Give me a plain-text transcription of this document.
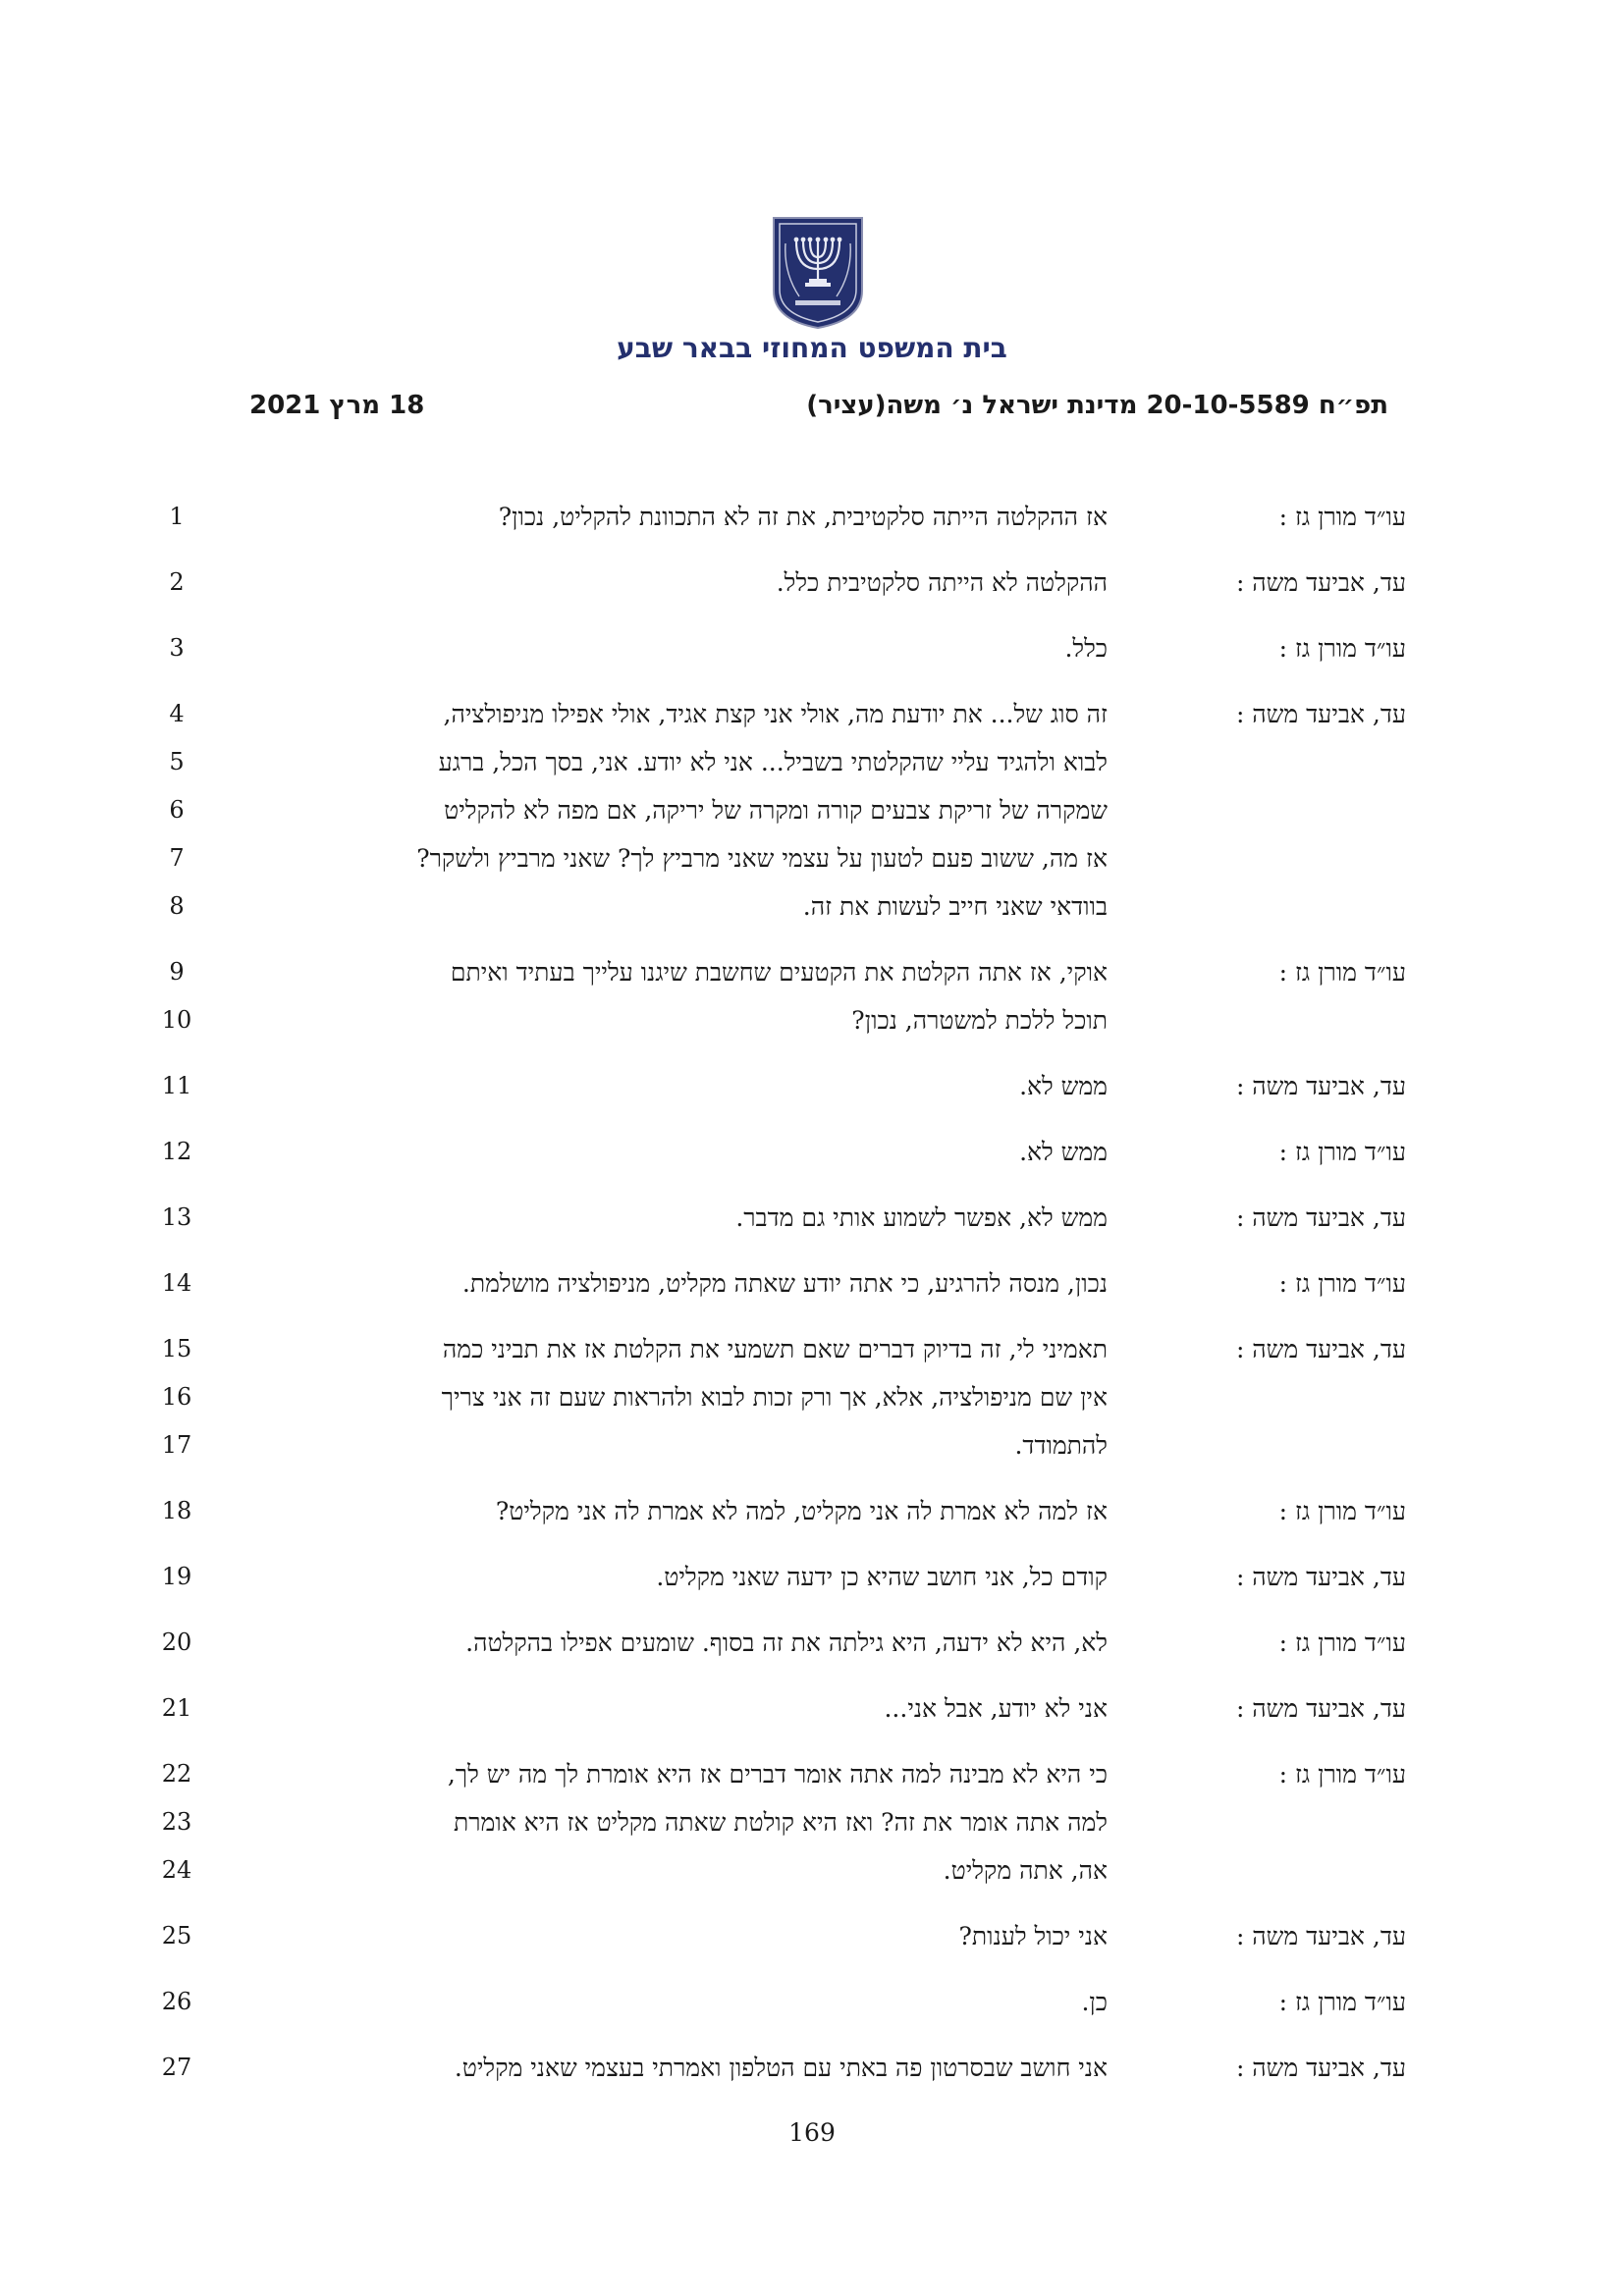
בית המשפט המחוזי בבאר שבע
תפ״ח 20-10-5589 מדינת ישראל נ׳ משה(עציר)
18 מרץ 2021
עו״ד מורן גז :
אז ההקלטה הייתה סלקטיבית, את זה לא התכוונת להקליט, נכון?
1
עד, אביעד משה :
ההקלטה לא הייתה סלקטיבית כלל.
2
עו״ד מורן גז :
כלל.
3
עד, אביעד משה :
זה סוג של... את יודעת מה, אולי אני קצת אגיד, אולי אפילו מניפולציה,
לבוא ולהגיד עליי שהקלטתי בשביל... אני לא יודע. אני, בסך הכל, ברגע
שמקרה של זריקת צבעים קורה ומקרה של יריקה, אם מפה לא להקליט
אז מה, ששוב פעם לטעון על עצמי שאני מרביץ לך? שאני מרביץ ולשקר?
בוודאי שאני חייב לעשות את זה.
4
5
6
7
8
עו״ד מורן גז :
אוקי, אז אתה הקלטת את הקטעים שחשבת שיגנו עלייך בעתיד ואיתם
תוכל ללכת למשטרה, נכון?
9
10
עד, אביעד משה :
ממש לא.
11
עו״ד מורן גז :
ממש לא.
12
עד, אביעד משה :
ממש לא, אפשר לשמוע אותי גם מדבר.
13
עו״ד מורן גז :
נכון, מנסה להרגיע, כי אתה יודע שאתה מקליט, מניפולציה מושלמת.
14
עד, אביעד משה :
תאמיני לי, זה בדיוק דברים שאם תשמעי את הקלטת אז את תביני כמה
אין שם מניפולציה, אלא, אך ורק זכות לבוא ולהראות שעם זה אני צריך
להתמודד.
15
16
17
עו״ד מורן גז :
אז למה לא אמרת לה אני מקליט, למה לא אמרת לה אני מקליט?
18
עד, אביעד משה :
קודם כל, אני חושב שהיא כן ידעה שאני מקליט.
19
עו״ד מורן גז :
לא, היא לא ידעה, היא גילתה את זה בסוף. שומעים אפילו בהקלטה.
20
עד, אביעד משה :
אני לא יודע, אבל אני...
21
עו״ד מורן גז :
כי היא לא מבינה למה אתה אומר דברים אז היא אומרת לך מה יש לך,
למה אתה אומר את זה? ואז היא קולטת שאתה מקליט אז היא אומרת
אה, אתה מקליט.
22
23
24
עד, אביעד משה :
אני יכול לענות?
25
עו״ד מורן גז :
כן.
26
עד, אביעד משה :
אני חושב שבסרטון פה באתי עם הטלפון ואמרתי בעצמי שאני מקליט.
27
169
